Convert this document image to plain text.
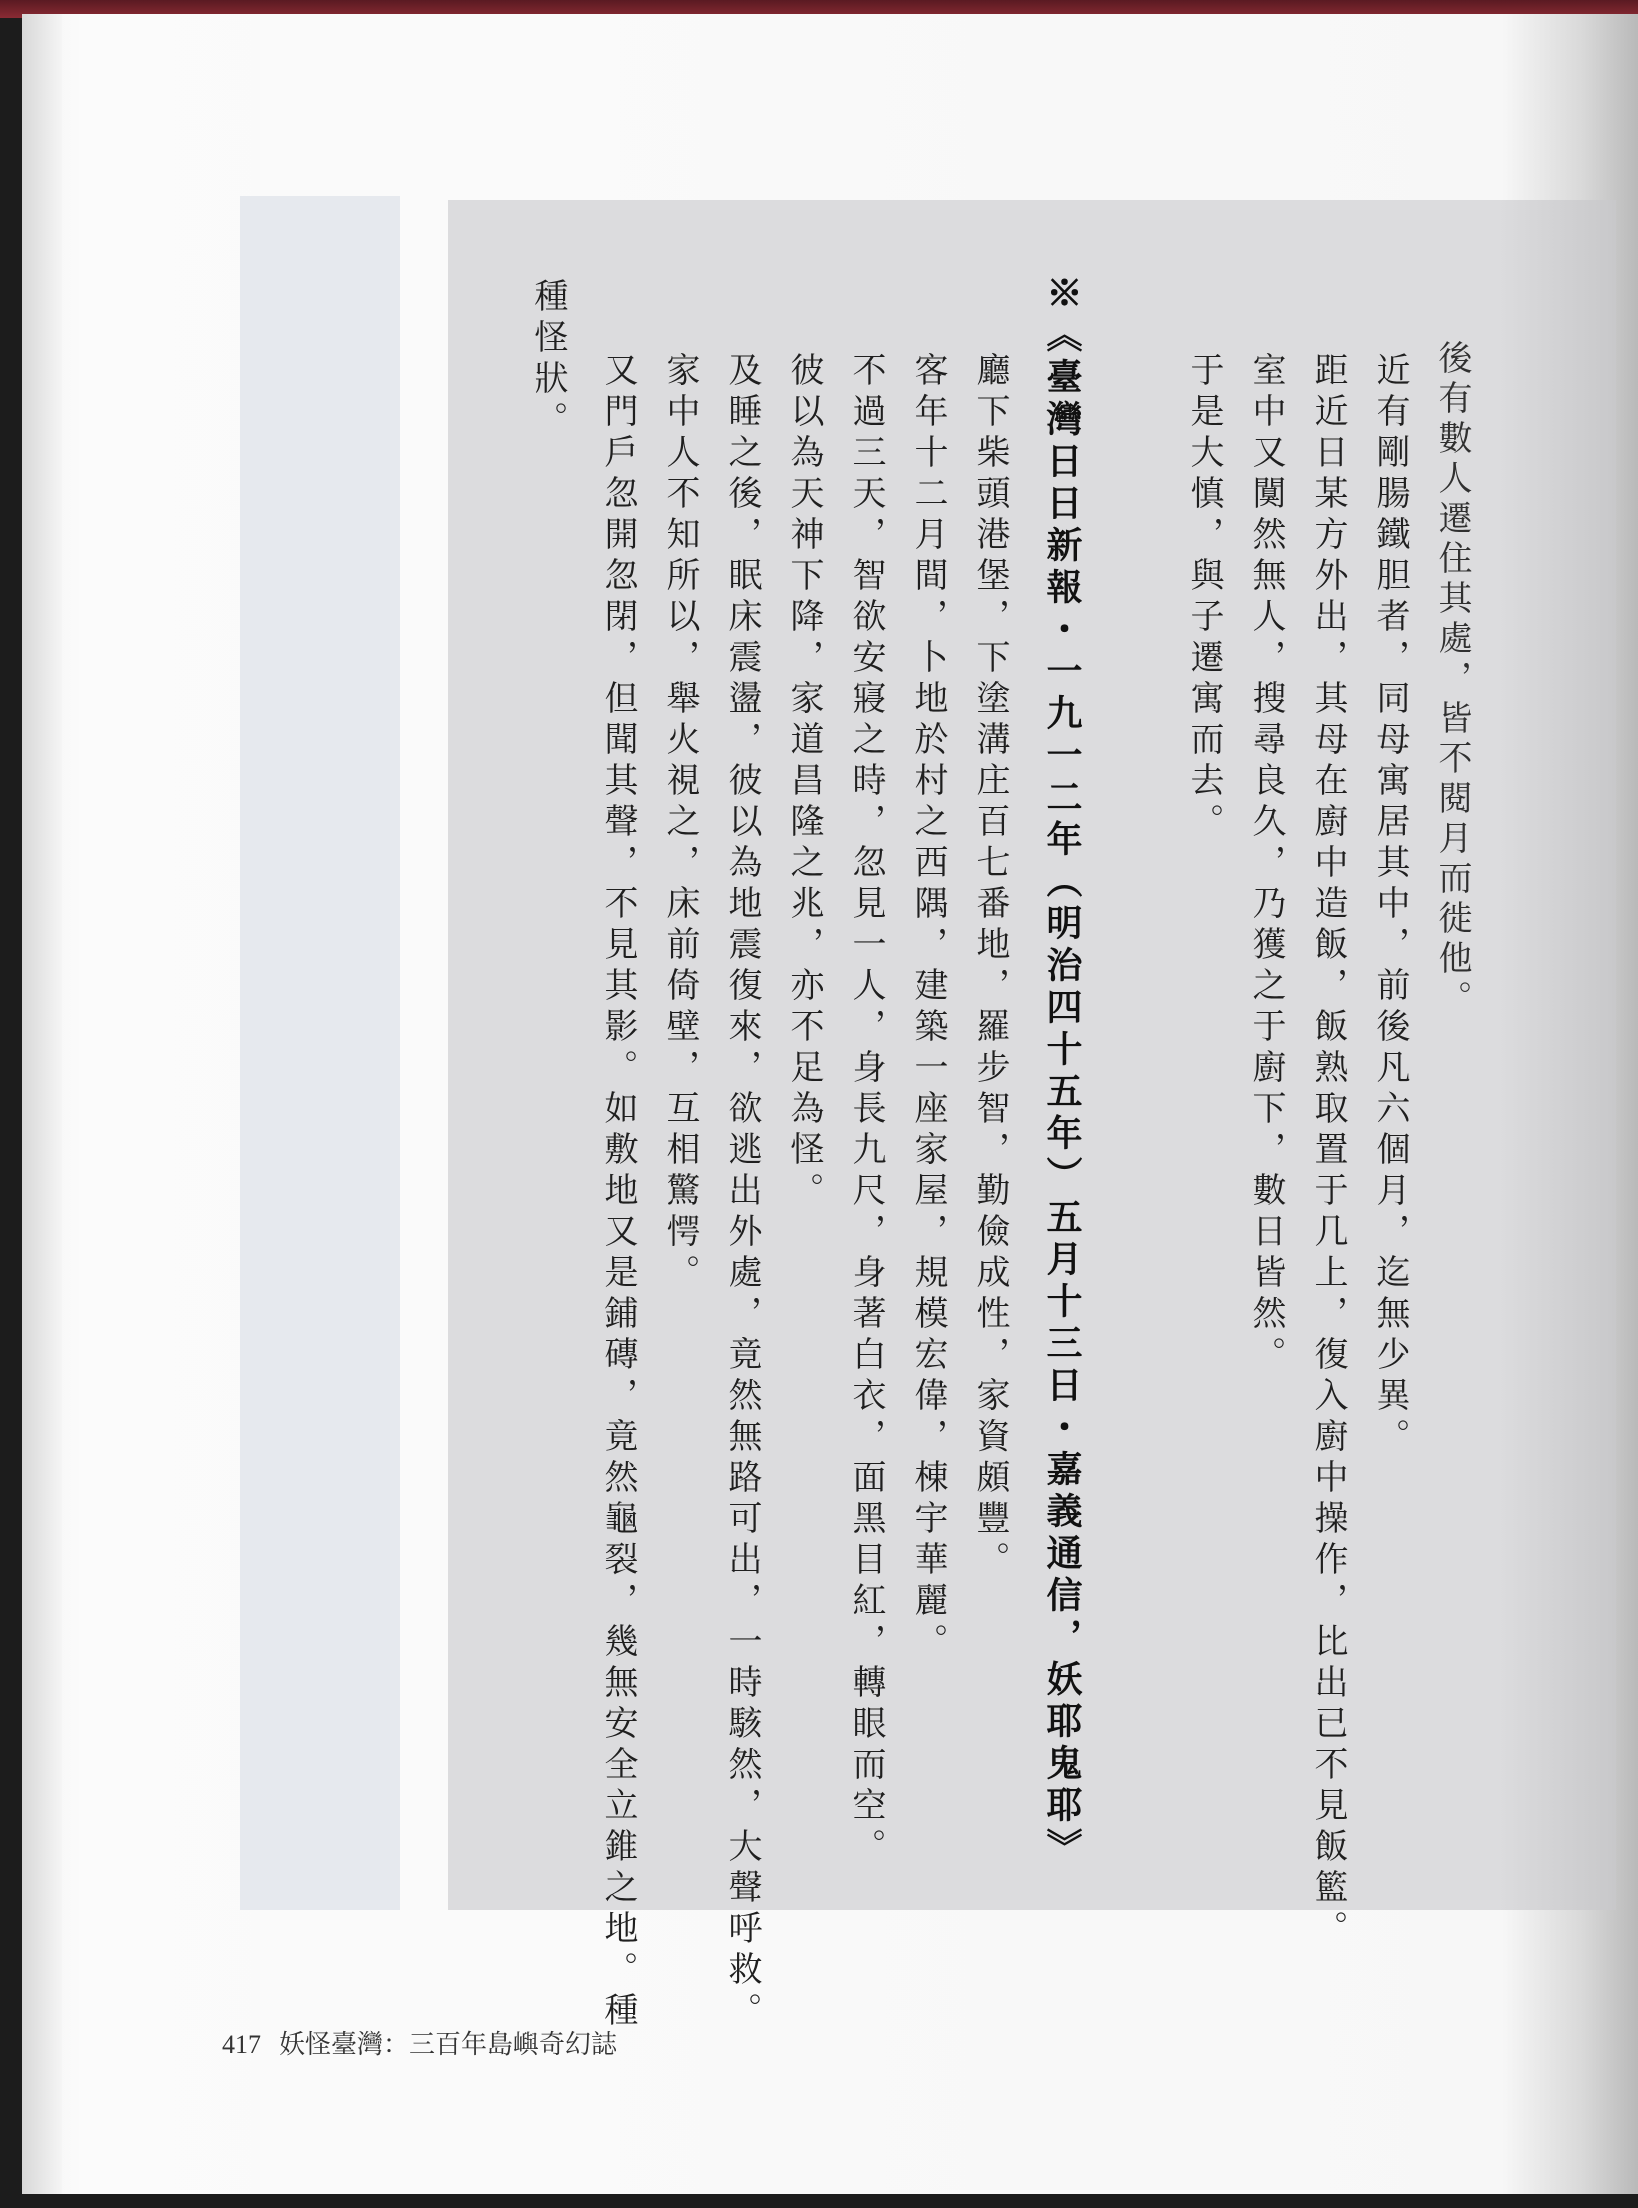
後有數人遷住其處，皆不閱月而徙他。

近有剛腸鐵胆者，同母寓居其中，前後凡六個月，迄無少異。

距近日某方外出，其母在廚中造飯，飯熟取置于几上，復入廚中操作，比出已不見飯籃。

室中又闃然無人，搜尋良久，乃獲之于廚下，數日皆然。

于是大慎，與子遷寓而去。

※《臺灣日日新報・一九一二年（明治四十五年）五月十三日・嘉義通信，妖耶鬼耶》

廳下柴頭港堡，下塗溝庄百七番地，羅步智，勤儉成性，家資頗豐。

客年十二月間，卜地於村之西隅，建築一座家屋，規模宏偉，棟宇華麗。

不過三天，智欲安寢之時，忽見一人，身長九尺，身著白衣，面黑目紅，轉眼而空。

彼以為天神下降，家道昌隆之兆，亦不足為怪。

及睡之後，眠床震盪，彼以為地震復來，欲逃出外處，竟然無路可出，一時駭然，大聲呼救。

家中人不知所以，舉火視之，床前倚壁，互相驚愕。

又門戶忽開忽閉，但聞其聲，不見其影。如敷地又是鋪磚，竟然龜裂，幾無安全立錐之地。種

種怪狀。

417 妖怪臺灣：三百年島嶼奇幻誌
